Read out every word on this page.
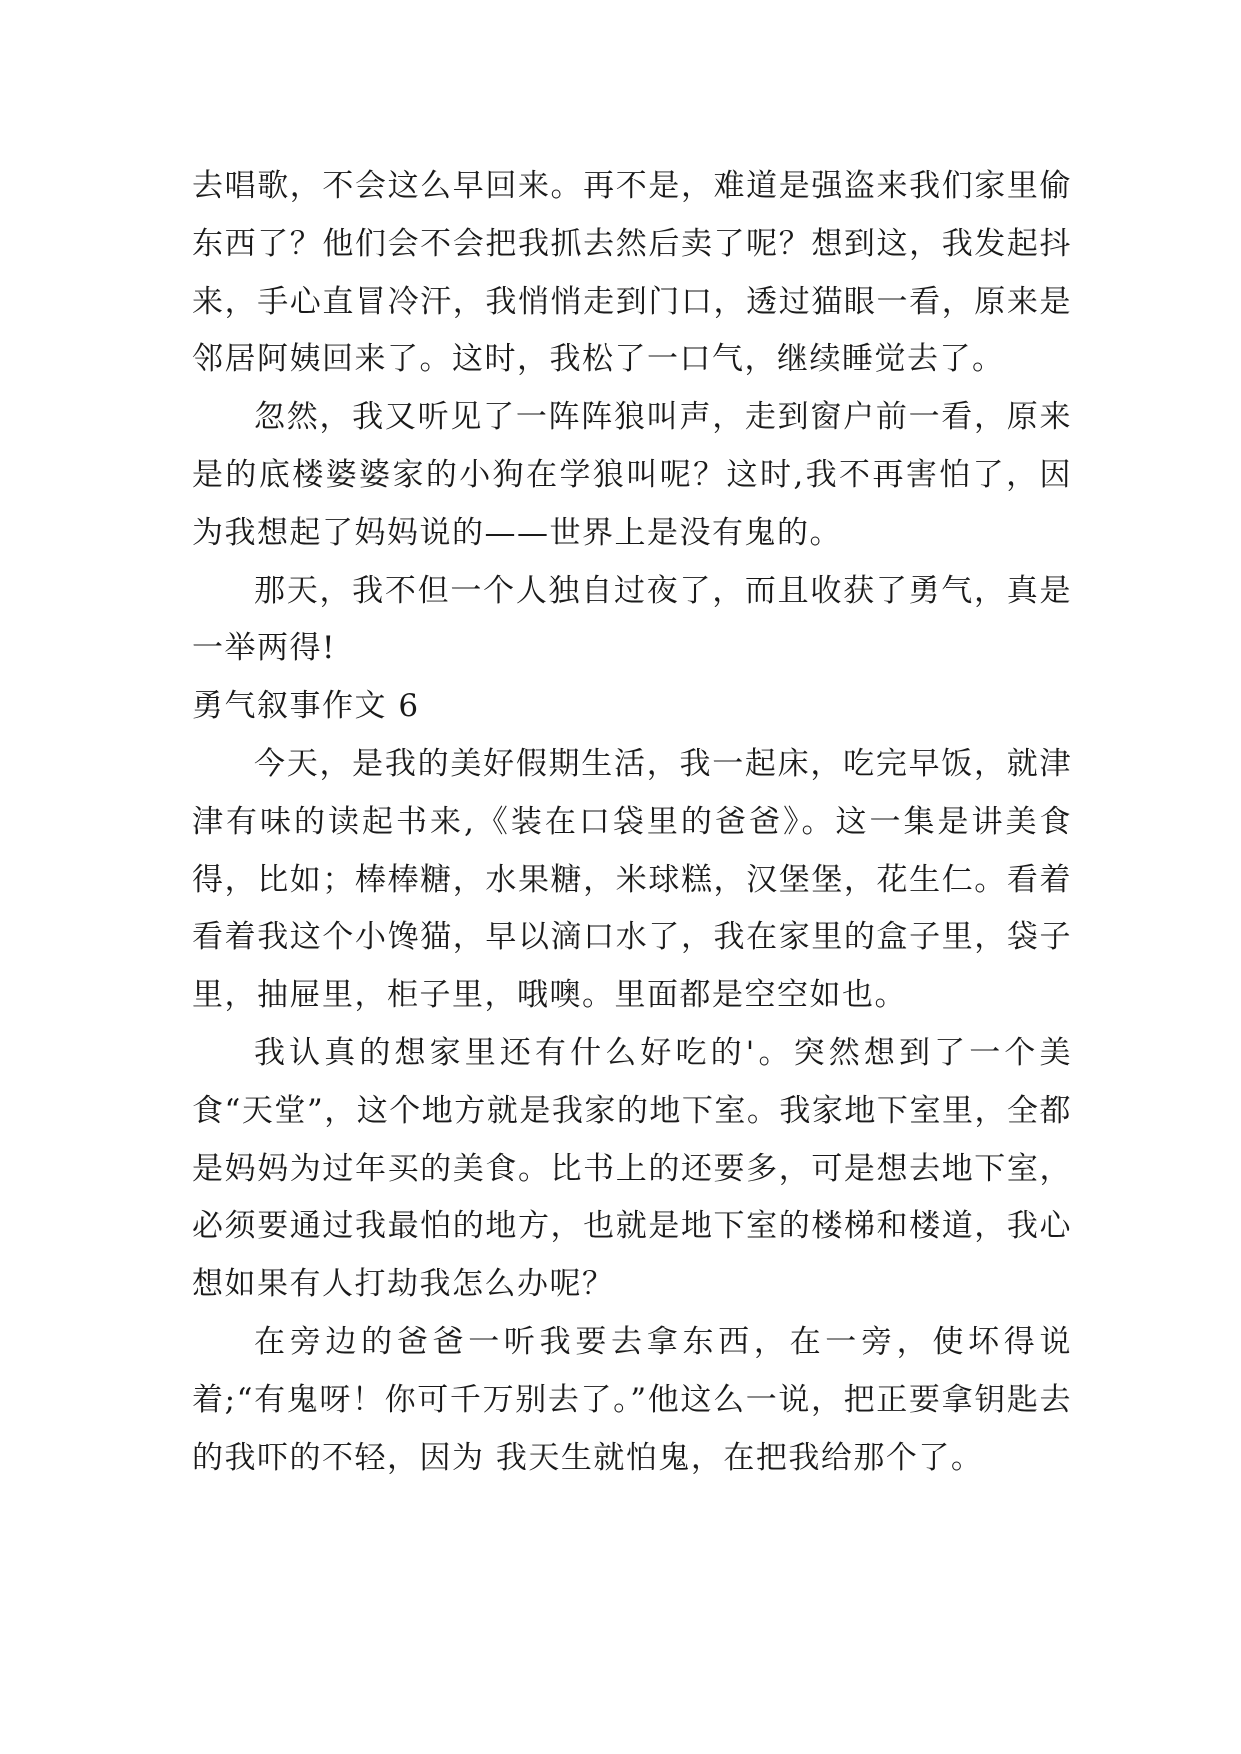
去唱歌，不会这么早回来。再不是，难道是强盗来我们家里偷东西了？他们会不会把我抓去然后卖了呢？想到这，我发起抖来，手心直冒冷汗，我悄悄走到门口，透过猫眼一看，原来是邻居阿姨回来了。这时，我松了一口气，继续睡觉去了。

忽然，我又听见了一阵阵狼叫声，走到窗户前一看，原来是的底楼婆婆家的小狗在学狼叫呢？这时,我不再害怕了，因为我想起了妈妈说的——世界上是没有鬼的。

那天，我不但一个人独自过夜了，而且收获了勇气，真是一举两得!

勇气叙事作文 6

今天，是我的美好假期生活，我一起床，吃完早饭，就津津有味的读起书来,《装在口袋里的爸爸》。这一集是讲美食得，比如；棒棒糖，水果糖，米球糕，汉堡堡，花生仁。看着看着我这个小馋猫，早以滴口水了，我在家里的盒子里，袋子里，抽屉里，柜子里，哦噢。里面都是空空如也。

我认真的想家里还有什么好吃的'。突然想到了一个美食“天堂”，这个地方就是我家的地下室。我家地下室里，全都是妈妈为过年买的美食。比书上的还要多，可是想去地下室，必须要通过我最怕的地方，也就是地下室的楼梯和楼道，我心想如果有人打劫我怎么办呢？

在旁边的爸爸一听我要去拿东西，在一旁，使坏得说着;“有鬼呀！你可千万别去了。”他这么一说，把正要拿钥匙去的我吓的不轻，因为 我天生就怕鬼，在把我给那个了。
